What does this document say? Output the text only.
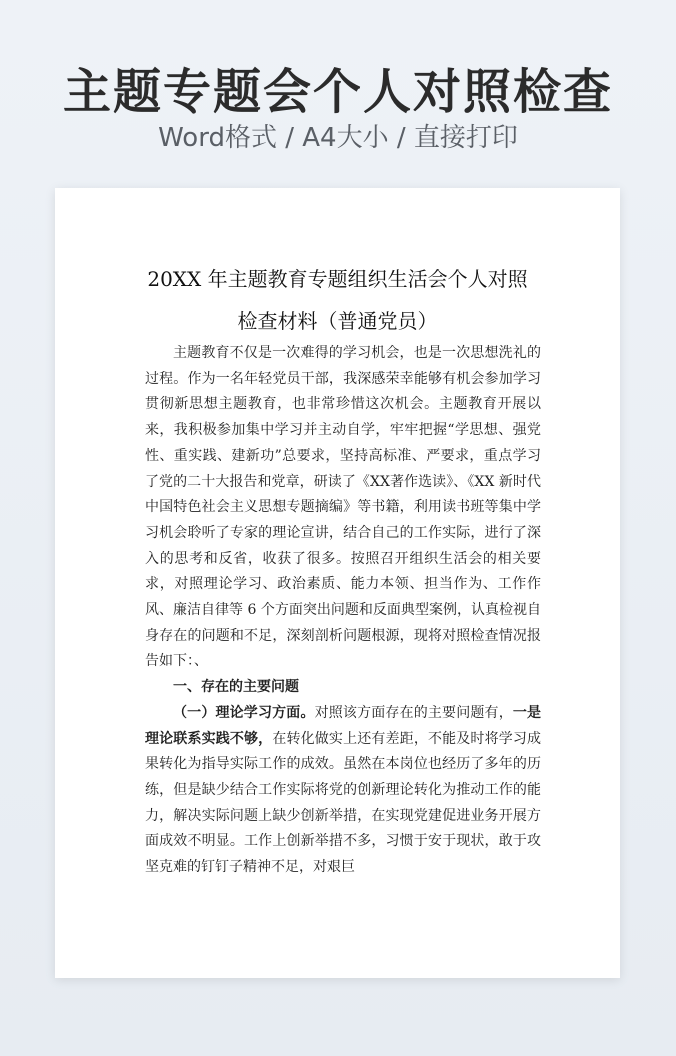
主题专题会个人对照检查
Word格式 / A4大小 / 直接打印
20XX 年主题教育专题组织生活会个人对照
检查材料（普通党员）

主题教育不仅是一次难得的学习机会，也是一次思想洗礼的过程。作为一名年轻党员干部，我深感荣幸能够有机会参加学习贯彻新思想主题教育，也非常珍惜这次机会。主题教育开展以来，我积极参加集中学习并主动自学，牢牢把握“学思想、强党性、重实践、建新功”总要求，坚持高标准、严要求，重点学习了党的二十大报告和党章，研读了《XX著作选读》、《XX 新时代中国特色社会主义思想专题摘编》等书籍，利用读书班等集中学习机会聆听了专家的理论宣讲，结合自己的工作实际，进行了深入的思考和反省，收获了很多。按照召开组织生活会的相关要求，对照理论学习、政治素质、能力本领、担当作为、工作作风、廉洁自律等 6 个方面突出问题和反面典型案例，认真检视自身存在的问题和不足，深刻剖析问题根源，现将对照检查情况报告如下：、

一、存在的主要问题

（一）理论学习方面。对照该方面存在的主要问题有，一是理论联系实践不够，在转化做实上还有差距，不能及时将学习成果转化为指导实际工作的成效。虽然在本岗位也经历了多年的历练，但是缺少结合工作实际将党的创新理论转化为推动工作的能力，解决实际问题上缺少创新举措，在实现党建促进业务开展方面成效不明显。工作上创新举措不多，习惯于安于现状，敢于攻坚克难的钉钉子精神不足，对艰巨
